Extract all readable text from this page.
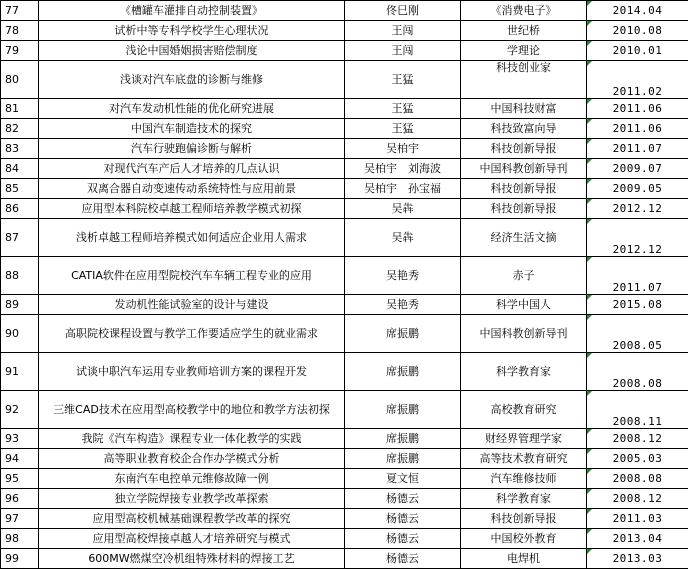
77	《槽罐车灌排自动控制装置》	佟巳刚	《消费电子》	2014.04
78	试析中等专科学校学生心理状况	王闯	世纪桥	2010.08
79	浅论中国婚姻损害赔偿制度	王闯	学理论	2010.01
80	浅谈对汽车底盘的诊断与维修	王猛	科技创业家	2011.02
81	对汽车发动机性能的优化研究进展	王猛	中国科技财富	2011.06
82	中国汽车制造技术的探究	王猛	科技致富向导	2011.06
83	汽车行驶跑偏诊断与解析	吴柏宇	科技创新导报	2011.07
84	对现代汽车产后人才培养的几点认识	吴柏宇　刘海波	中国科教创新导刊	2009.07
85	双离合器自动变速传动系统特性与应用前景	吴柏宇　孙宝福	科技创新导报	2009.05
86	应用型本科院校卓越工程师培养教学模式初探	吴犇	科技创新导报	2012.12
87	浅析卓越工程师培养模式如何适应企业用人需求	吴犇	经济生活文摘	2012.12
88	CATIA软件在应用型院校汽车车辆工程专业的应用	吴艳秀	赤子	2011.07
89	发动机性能试验室的设计与建设	吴艳秀	科学中国人	2015.08
90	高职院校课程设置与教学工作要适应学生的就业需求	席振鹏	中国科教创新导刊	2008.05
91	试谈中职汽车运用专业教师培训方案的课程开发	席振鹏	科学教育家	2008.08
92	三维CAD技术在应用型高校教学中的地位和教学方法初探	席振鹏	高校教育研究	2008.11
93	我院《汽车构造》课程专业一体化教学的实践	席振鹏	财经界管理学家	2008.12
94	高等职业教育校企合作办学模式分析	席振鹏	高等技术教育研究	2005.03
95	东南汽车电控单元维修故障一例	夏文恒	汽车维修技师	2008.08
96	独立学院焊接专业教学改革探索	杨德云	科学教育家	2008.12
97	应用型高校机械基础课程教学改革的探究	杨德云	科技创新导报	2011.03
98	应用型高校焊接卓越人才培养研究与模式	杨德云	中国校外教育	2013.04
99	600MW燃煤空冷机组特殊材料的焊接工艺	杨德云	电焊机	2013.03
